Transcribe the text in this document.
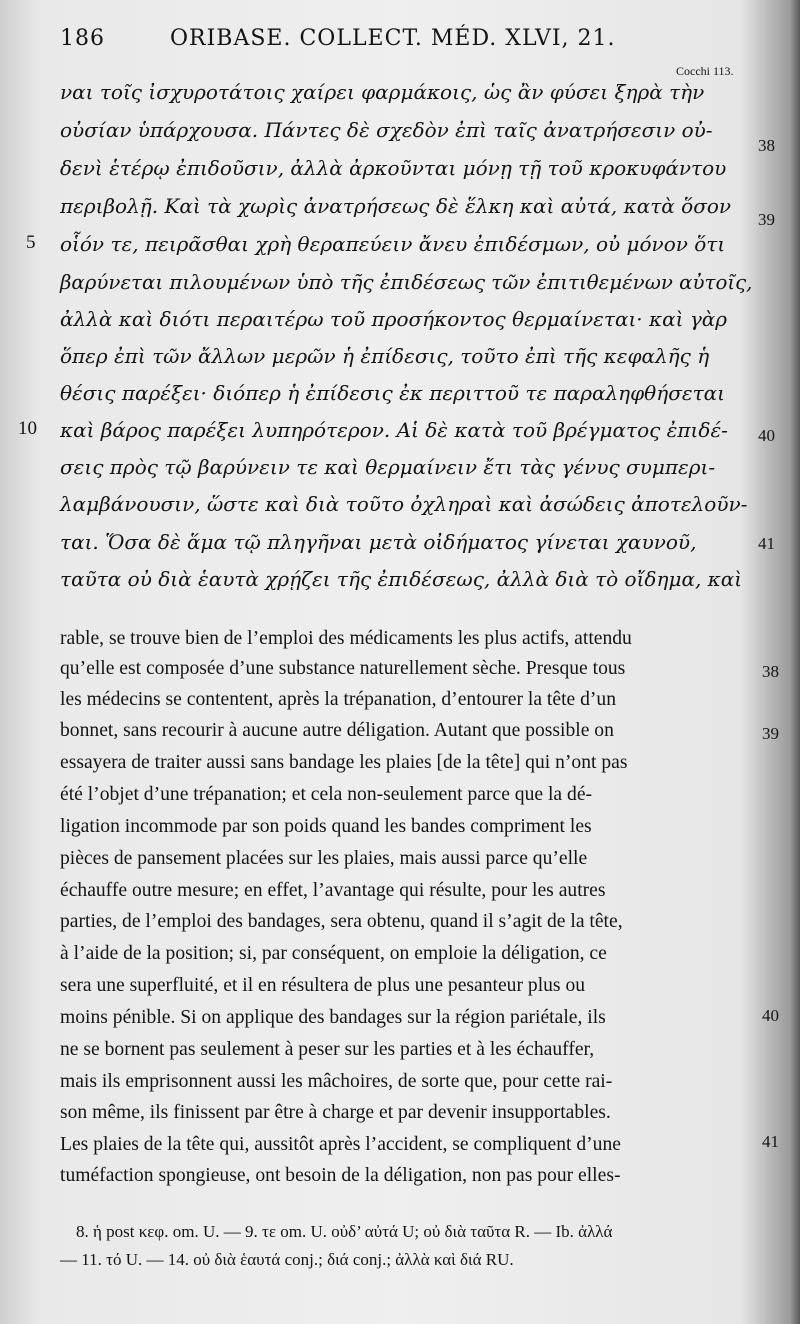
186	ORIBASE. COLLECT. MÉD. XLVI, 21.
Cocchi 113.
ναι τοῖς ἰσχυροτάτοις χαίρει φαρμάκοις, ὡς ἂν φύσει ξηρὰ τὴν
οὐσίαν ὑπάρχουσα. Πάντες δὲ σχεδὸν ἐπὶ ταῖς ἀνατρήσεσιν οὐ-
δενὶ ἑτέρῳ ἐπιδοῦσιν, ἀλλὰ ἀρκοῦνται μόνῃ τῇ τοῦ κροκυφάντου
περιβολῇ. Καὶ τὰ χωρὶς ἀνατρήσεως δὲ ἕλκη καὶ αὐτά, κατὰ ὅσον
οἷόν τε, πειρᾶσθαι χρὴ θεραπεύειν ἄνευ ἐπιδέσμων, οὐ μόνον ὅτι
βαρύνεται πιλουμένων ὑπὸ τῆς ἐπιδέσεως τῶν ἐπιτιθεμένων αὐτοῖς,
ἀλλὰ καὶ διότι περαιτέρω τοῦ προσήκοντος θερμαίνεται· καὶ γὰρ
ὅπερ ἐπὶ τῶν ἄλλων μερῶν ἡ ἐπίδεσις, τοῦτο ἐπὶ τῆς κεφαλῆς ἡ
θέσις παρέξει· διόπερ ἡ ἐπίδεσις ἐκ περιττοῦ τε παραληφθήσεται
καὶ βάρος παρέξει λυπηρότερον. Αἱ δὲ κατὰ τοῦ βρέγματος ἐπιδέ-
σεις πρὸς τῷ βαρύνειν τε καὶ θερμαίνειν ἔτι τὰς γένυς συμπερι-
λαμβάνουσιν, ὥστε καὶ διὰ τοῦτο ὀχληραὶ καὶ ἀσώδεις ἀποτελοῦν-
ται. Ὅσα δὲ ἅμα τῷ πληγῆναι μετὰ οἰδήματος γίνεται χαυνοῦ,
ταῦτα οὐ διὰ ἑαυτὰ χρῄζει τῆς ἐπιδέσεως, ἀλλὰ διὰ τὸ οἴδημα, καὶ
5
10
38
39
40
41
rable, se trouve bien de l’emploi des médicaments les plus actifs, attendu
qu’elle est composée d’une substance naturellement sèche. Presque tous
les médecins se contentent, après la trépanation, d’entourer la tête d’un
bonnet, sans recourir à aucune autre déligation. Autant que possible on
essayera de traiter aussi sans bandage les plaies [de la tête] qui n’ont pas
été l’objet d’une trépanation; et cela non-seulement parce que la dé-
ligation incommode par son poids quand les bandes compriment les
pièces de pansement placées sur les plaies, mais aussi parce qu’elle
échauffe outre mesure; en effet, l’avantage qui résulte, pour les autres
parties, de l’emploi des bandages, sera obtenu, quand il s’agit de la tête,
à l’aide de la position; si, par conséquent, on emploie la déligation, ce
sera une superfluité, et il en résultera de plus une pesanteur plus ou
moins pénible. Si on applique des bandages sur la région pariétale, ils
ne se bornent pas seulement à peser sur les parties et à les échauffer,
mais ils emprisonnent aussi les mâchoires, de sorte que, pour cette rai-
son même, ils finissent par être à charge et par devenir insupportables.
Les plaies de la tête qui, aussitôt après l’accident, se compliquent d’une
tuméfaction spongieuse, ont besoin de la déligation, non pas pour elles-
38
39
40
41
8. ἡ post κεφ. om. U. — 9. τε om. U. οὐδ’ αὐτά U; οὐ διὰ ταῦτα R. — Ib. ἀλλά
— 11. τό U. — 14. οὐ διὰ ἑαυτά conj.; διά conj.; ἀλλὰ καὶ διά RU.
